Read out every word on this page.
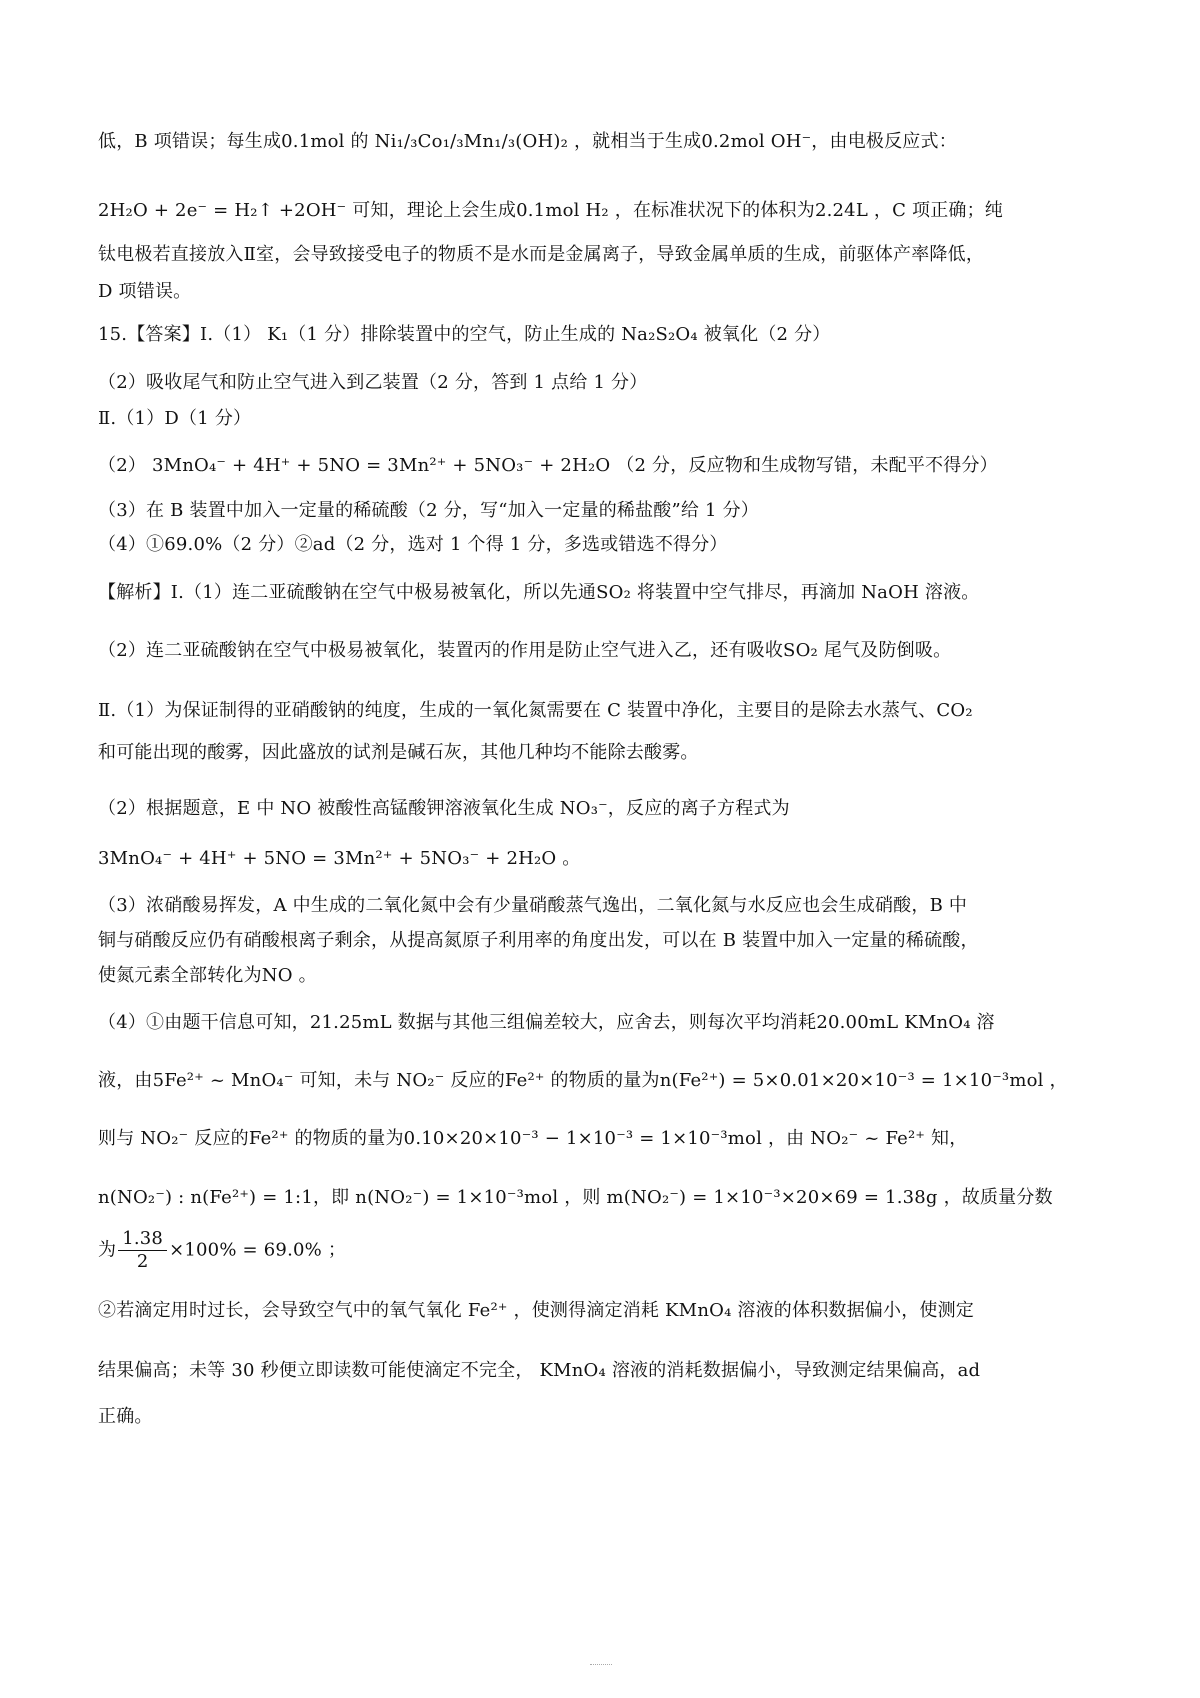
低，B 项错误；每生成0.1mol 的 Ni₁/₃Co₁/₃Mn₁/₃(OH)₂ ，就相当于生成0.2mol OH⁻，由电极反应式：
2H₂O + 2e⁻ = H₂↑ +2OH⁻ 可知，理论上会生成0.1mol H₂ ，在标准状况下的体积为2.24L ，C 项正确；纯
钛电极若直接放入Ⅱ室，会导致接受电子的物质不是水而是金属离子，导致金属单质的生成，前驱体产率降低，
D 项错误。
15.【答案】Ⅰ.（1） K₁（1 分）排除装置中的空气，防止生成的 Na₂S₂O₄ 被氧化（2 分）
（2）吸收尾气和防止空气进入到乙装置（2 分，答到 1 点给 1 分）
Ⅱ.（1）D（1 分）
（2） 3MnO₄⁻ + 4H⁺ + 5NO = 3Mn²⁺ + 5NO₃⁻ + 2H₂O （2 分，反应物和生成物写错，未配平不得分）
（3）在 B 装置中加入一定量的稀硫酸（2 分，写“加入一定量的稀盐酸”给 1 分）
（4）①69.0%（2 分）②ad（2 分，选对 1 个得 1 分，多选或错选不得分）
【解析】Ⅰ.（1）连二亚硫酸钠在空气中极易被氧化，所以先通SO₂ 将装置中空气排尽，再滴加 NaOH 溶液。
（2）连二亚硫酸钠在空气中极易被氧化，装置丙的作用是防止空气进入乙，还有吸收SO₂ 尾气及防倒吸。
Ⅱ.（1）为保证制得的亚硝酸钠的纯度，生成的一氧化氮需要在 C 装置中净化，主要目的是除去水蒸气、CO₂
和可能出现的酸雾，因此盛放的试剂是碱石灰，其他几种均不能除去酸雾。
（2）根据题意，E 中 NO 被酸性高锰酸钾溶液氧化生成 NO₃⁻，反应的离子方程式为
3MnO₄⁻ + 4H⁺ + 5NO = 3Mn²⁺ + 5NO₃⁻ + 2H₂O 。
（3）浓硝酸易挥发，A 中生成的二氧化氮中会有少量硝酸蒸气逸出，二氧化氮与水反应也会生成硝酸，B 中
铜与硝酸反应仍有硝酸根离子剩余，从提高氮原子利用率的角度出发，可以在 B 装置中加入一定量的稀硫酸，
使氮元素全部转化为NO 。
（4）①由题干信息可知，21.25mL 数据与其他三组偏差较大，应舍去，则每次平均消耗20.00mL KMnO₄ 溶
液，由5Fe²⁺ ~ MnO₄⁻ 可知，未与 NO₂⁻ 反应的Fe²⁺ 的物质的量为n(Fe²⁺) = 5×0.01×20×10⁻³ = 1×10⁻³mol ，
则与 NO₂⁻ 反应的Fe²⁺ 的物质的量为0.10×20×10⁻³ − 1×10⁻³ = 1×10⁻³mol ，由 NO₂⁻ ~ Fe²⁺ 知，
n(NO₂⁻) : n(Fe²⁺) = 1:1，即 n(NO₂⁻) = 1×10⁻³mol ，则 m(NO₂⁻) = 1×10⁻³×20×69 = 1.38g ，故质量分数
为 $\frac{1.38}{2} \times 100\% = 69.0\%$ ；
②若滴定用时过长，会导致空气中的氧气氧化 Fe²⁺ ，使测得滴定消耗 KMnO₄ 溶液的体积数据偏小，使测定
结果偏高；未等 30 秒便立即读数可能使滴定不完全， KMnO₄ 溶液的消耗数据偏小，导致测定结果偏高，ad
正确。
